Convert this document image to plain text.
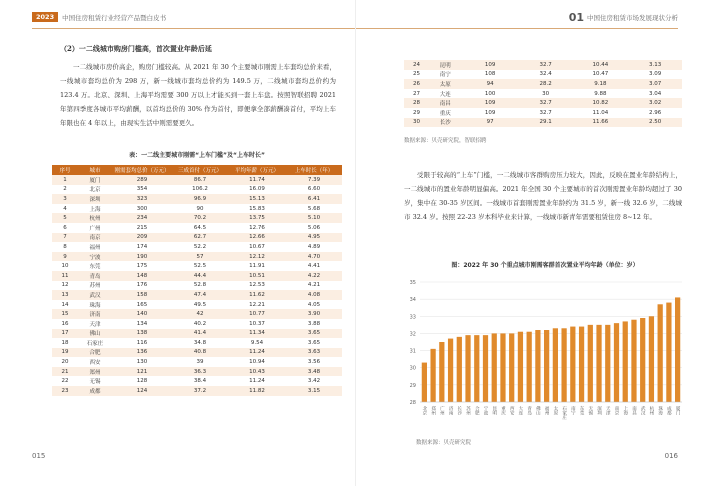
2023	中国住房租赁行业经营产品暨白皮书
（2）一二线城市购房门槛高，首次置业年龄后延
一二线城市房价高企，购房门槛较高。从 2021 年 30 个主要城市刚需上车套均总价来看，一线城市套均总价为 298 万，新一线城市套均总价约为 149.5 万，二线城市套均总价约为 123.4 万。北京、深圳、上海平均需要 300 万以上才能买到一套上车盘。按照智联招聘 2021 年第四季度各城市平均薪酬，以首均总价的 30% 作为首付，即便拿全部薪酬凑首付，平均上车年限也在 4 年以上，由现实生活中则需要更久。
表：一二线主要城市刚需“上车门槛”及“上车时长”
序号	城市	刚需套均总价（万元）	三成首付（万元）	平均年薪（万元）	上车时长（年）
1	厦门	289	86.7	11.74	7.39
2	北京	354	106.2	16.09	6.60
3	深圳	323	96.9	15.13	6.41
4	上海	300	90	15.83	5.68
5	杭州	234	70.2	13.75	5.10
6	广州	215	64.5	12.76	5.06
7	南京	209	62.7	12.66	4.95
8	福州	174	52.2	10.67	4.89
9	宁波	190	57	12.12	4.70
10	东莞	175	52.5	11.91	4.41
11	青岛	148	44.4	10.51	4.22
12	苏州	176	52.8	12.53	4.21
13	武汉	158	47.4	11.62	4.08
14	珠海	165	49.5	12.21	4.05
15	济南	140	42	10.77	3.90
16	天津	134	40.2	10.37	3.88
17	佛山	138	41.4	11.34	3.65
18	石家庄	116	34.8	9.54	3.65
19	合肥	136	40.8	11.24	3.63
20	西安	130	39	10.94	3.56
21	郑州	121	36.3	10.43	3.48
22	无锡	128	38.4	11.24	3.42
23	成都	124	37.2	11.82	3.15
015
01 中国住房租赁市场发展现状分析
24	昆明	109	32.7	10.44	3.13
25	南宁	108	32.4	10.47	3.09
26	太原	94	28.2	9.18	3.07
27	大连	100	30	9.88	3.04
28	南昌	109	32.7	10.82	3.02
29	重庆	109	32.7	11.04	2.96
30	长沙	97	29.1	11.66	2.50
数据来源：贝壳研究院，智联招聘
受限于较高的“上车”门槛，一二线城市客群购房压力较大，因此，反映在置业年龄结构上，一二线城市的置业年龄明显偏高。2021 年全国 30 个主要城市的首次刚需置业年龄均超过了 30 岁，集中在 30-35 岁区间。一线城市首套刚需置业年龄约为 31.5 岁，新一线 32.6 岁，二线城市 32.4 岁。按照 22-23 岁本科毕业来计算，一线城市新青年需要租赁住房 8~12 年。
图：2022 年 30 个重点城市刚需客群首次置业平均年龄（单位：岁）
28
29
30
31
32
33
34
35
北京 郑州 广州 济南 长沙 苏州 合肥 宁波 昆明 重庆 西安 大连 青岛 佛山 福州 太原 石家庄 南宁 东莞 无锡 深圳 天津 南京 上海 南昌 武汉 杭州 珠海 成都 厦门
数据来源：贝壳研究院
016
